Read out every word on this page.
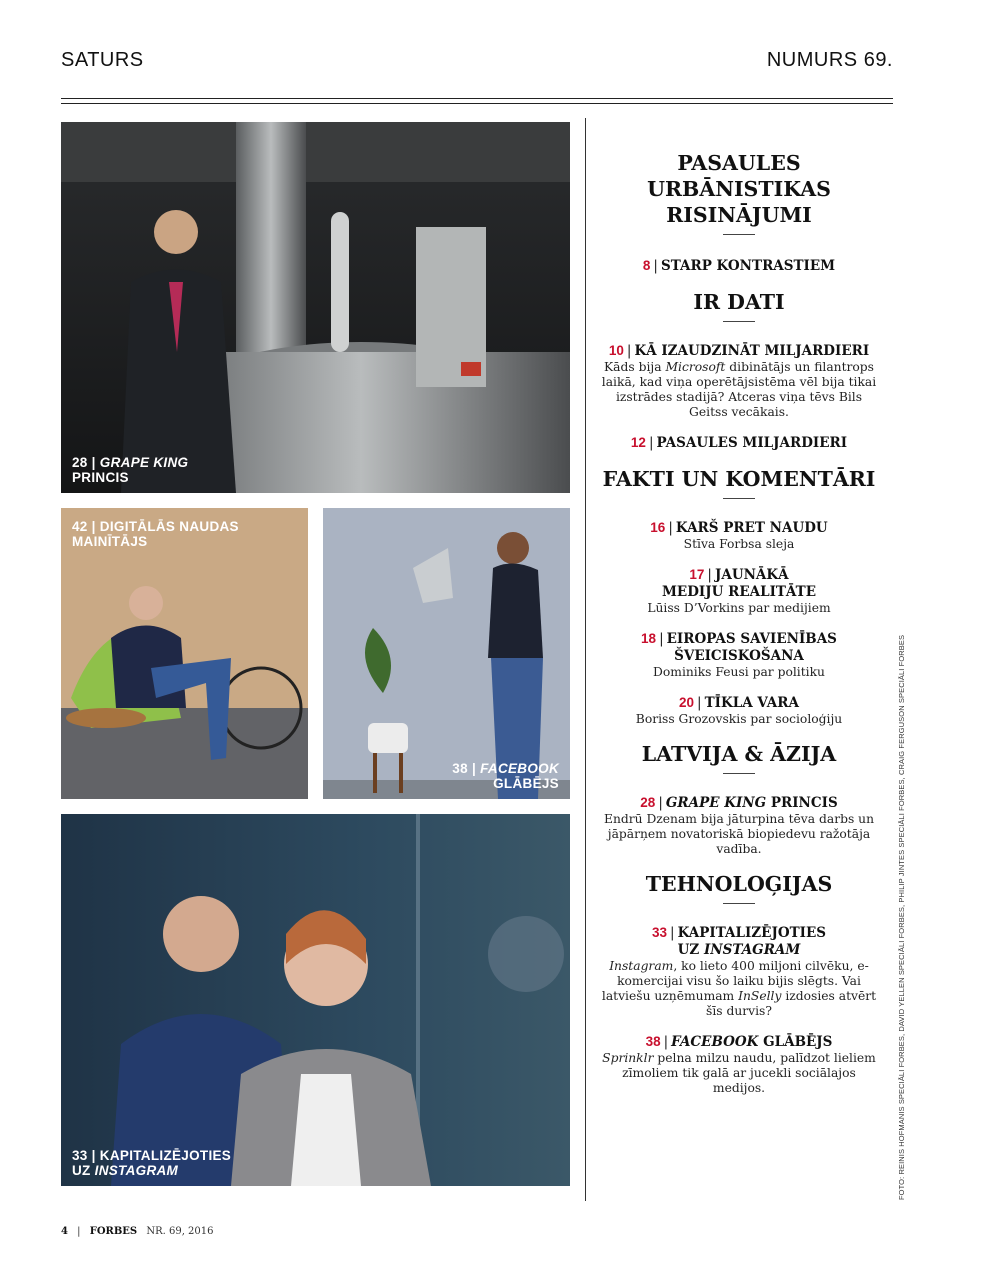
SATURS	NUMURS 69.
28 | GRAPE KING
PRINCIS
42 | DIGITĀLĀS NAUDAS
MAINĪTĀJS
38 | FACEBOOK
GLĀBĒJS
33 | KAPITALIZĒJOTIES
UZ INSTAGRAM
PASAULES URBĀNISTIKAS RISINĀJUMI
8 | STARP KONTRASTIEM
IR DATI
10 | KĀ IZAUDZINĀT MILJARDIERI
Kāds bija Microsoft dibinātājs un filantrops laikā, kad viņa operētājsistēma vēl bija tikai izstrādes stadijā? Atceras viņa tēvs Bils Geitss vecākais.
12 | PASAULES MILJARDIERI
FAKTI UN KOMENTĀRI
16 | KARŠ PRET NAUDU
Stīva Forbsa sleja
17 | JAUNĀKĀ
MEDIJU REALITĀTE
Lūiss D’Vorkins par medijiem
18 | EIROPAS SAVIENĪBAS
ŠVEICISKOŠANA
Dominiks Feusi par politiku
20 | TĪKLA VARA
Boriss Grozovskis par socioloģiju
LATVIJA & ĀZIJA
28 | GRAPE KING PRINCIS
Endrū Dzenam bija jāturpina tēva darbs un jāpārņem novatoriskā biopiedevu ražotāja vadība.
TEHNOLOĢIJAS
33 | KAPITALIZĒJOTIES
UZ INSTAGRAM
Instagram, ko lieto 400 miljoni cilvēku, e-komercijai visu šo laiku bijis slēgts. Vai latviešu uzņēmumam InSelly izdosies atvērt šīs durvis?
38 | FACEBOOK GLĀBĒJS
Sprinklr pelna milzu naudu, palīdzot lieliem zīmoliem tik galā ar jucekli sociālajos medijos.	FOTO: REINIS HOFMANIS SPECIĀLI FORBES, DAVID YELLEN SPECIĀLI FORBES, PHILIP JINTES SPECIĀLI FORBES, CRAIG FERGUSON SPECIĀLI FORBES
4 | FORBES NR. 69, 2016
